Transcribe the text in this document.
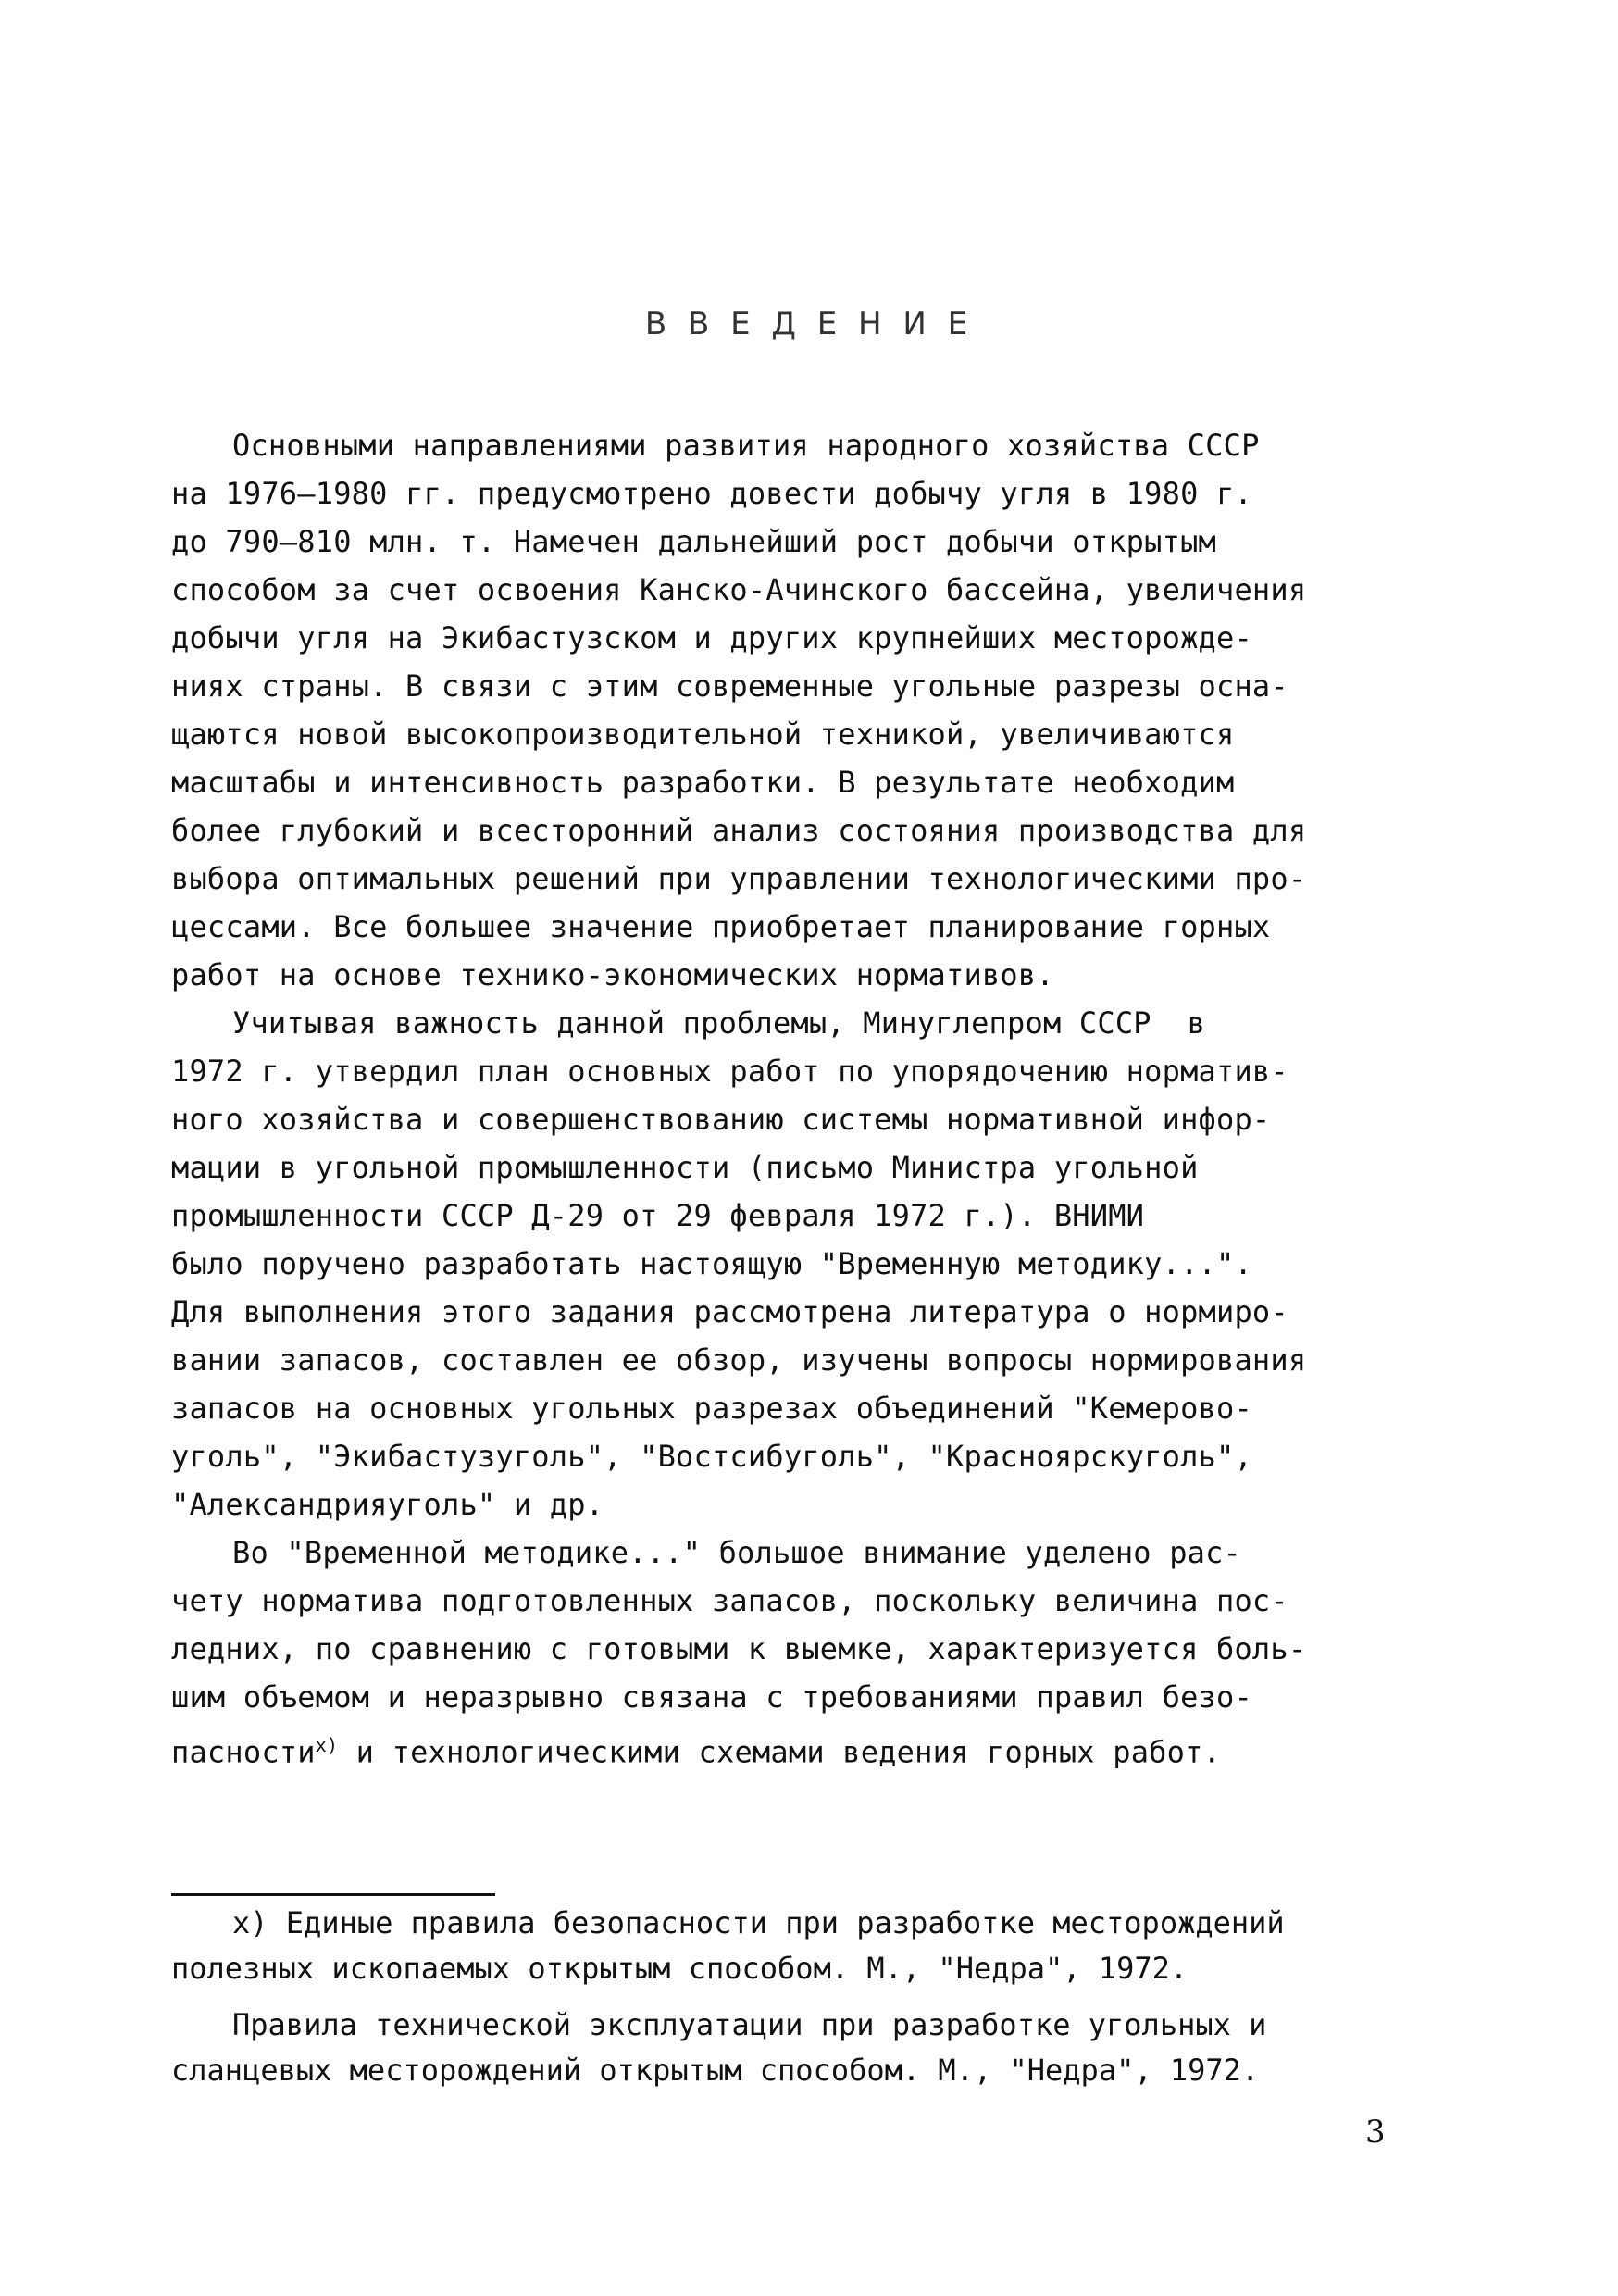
В В Е Д Е Н И Е
Основными направлениями развития народного хозяйства СССР
на 1976–1980 гг. предусмотрено довести добычу угля в 1980 г.
до 790–810 млн. т. Намечен дальнейший рост добычи открытым
способом за счет освоения Канско-Ачинского бассейна, увеличения
добычи угля на Экибастузском и других крупнейших месторожде-
ниях страны. В связи с этим современные угольные разрезы осна-
щаются новой высокопроизводительной техникой, увеличиваются
масштабы и интенсивность разработки. В результате необходим
более глубокий и всесторонний анализ состояния производства для
выбора оптимальных решений при управлении технологическими про-
цессами. Все большее значение приобретает планирование горных
работ на основе технико-экономических нормативов.
Учитывая важность данной проблемы, Минуглепром СССР  в
1972 г. утвердил план основных работ по упорядочению норматив-
ного хозяйства и совершенствованию системы нормативной инфор-
мации в угольной промышленности (письмо Министра угольной
промышленности СССР Д-29 от 29 февраля 1972 г.). ВНИМИ
было поручено разработать настоящую "Временную методику...".
Для выполнения этого задания рассмотрена литература о нормиро-
вании запасов, составлен ее обзор, изучены вопросы нормирования
запасов на основных угольных разрезах объединений "Кемерово-
уголь", "Экибастузуголь", "Востсибуголь", "Красноярскуголь",
"Александрияуголь" и др.
Во "Временной методике..." большое внимание уделено рас-
чету норматива подготовленных запасов, поскольку величина пос-
ледних, по сравнению с готовыми к выемке, характеризуется боль-
шим объемом и неразрывно связана с требованиями правил безо-
пасности$^{x)}$ и технологическими схемами ведения горных работ.
х) Единые правила безопасности при разработке месторождений
полезных ископаемых открытым способом. М., "Недра", 1972.
Правила технической эксплуатации при разработке угольных и
сланцевых месторождений открытым способом. М., "Недра", 1972.
3
